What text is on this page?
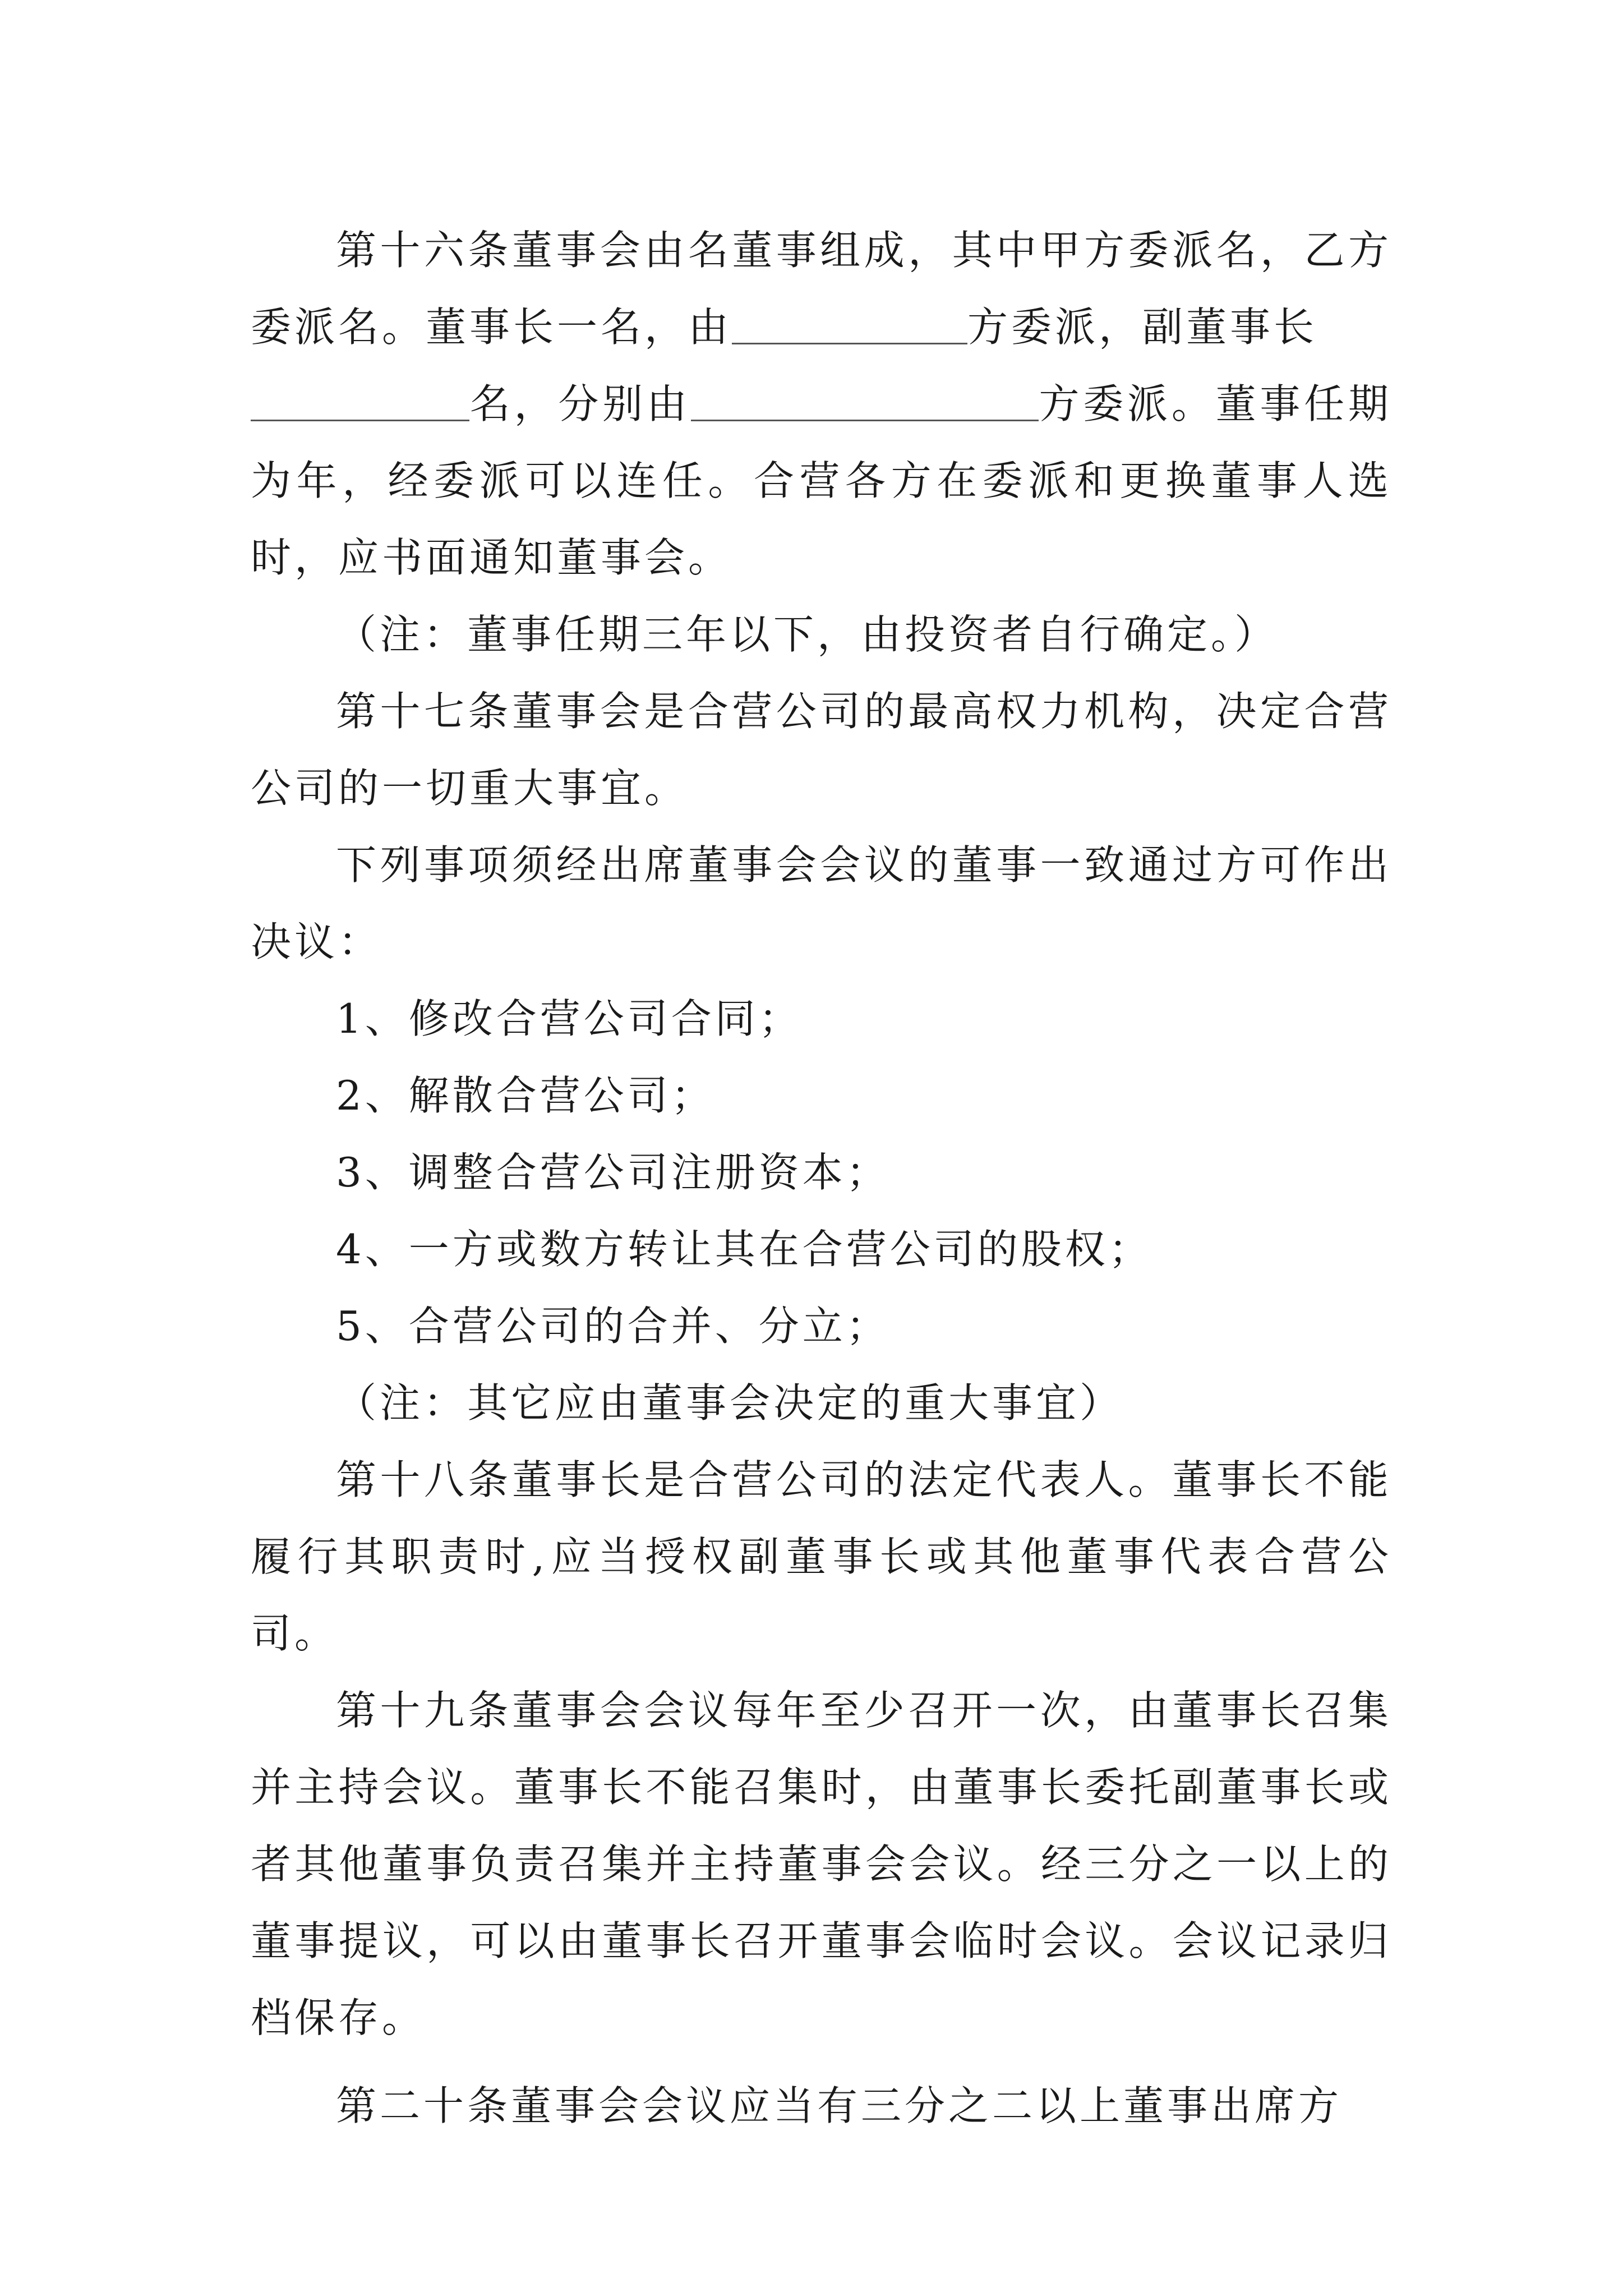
第十六条董事会由名董事组成，其中甲方委派名，乙方委派名。董事长一名，由	方委派，副董事长
名，分别由	方委派。董事任期为年，经委派可以连任。合营各方在委派和更换董事人选时，应书面通知董事会。

（注：董事任期三年以下，由投资者自行确定。）

第十七条董事会是合营公司的最高权力机构，决定合营公司的一切重大事宜。

下列事项须经出席董事会会议的董事一致通过方可作出决议：

1、修改合营公司合同；

2、解散合营公司；

3、调整合营公司注册资本；

4、一方或数方转让其在合营公司的股权；

5、合营公司的合并、分立；

（注：其它应由董事会决定的重大事宜）

第十八条董事长是合营公司的法定代表人。董事长不能履行其职责时,应当授权副董事长或其他董事代表合营公司。

第十九条董事会会议每年至少召开一次，由董事长召集并主持会议。董事长不能召集时，由董事长委托副董事长或者其他董事负责召集并主持董事会会议。经三分之一以上的董事提议，可以由董事长召开董事会临时会议。会议记录归档保存。

第二十条董事会会议应当有三分之二以上董事出席方
